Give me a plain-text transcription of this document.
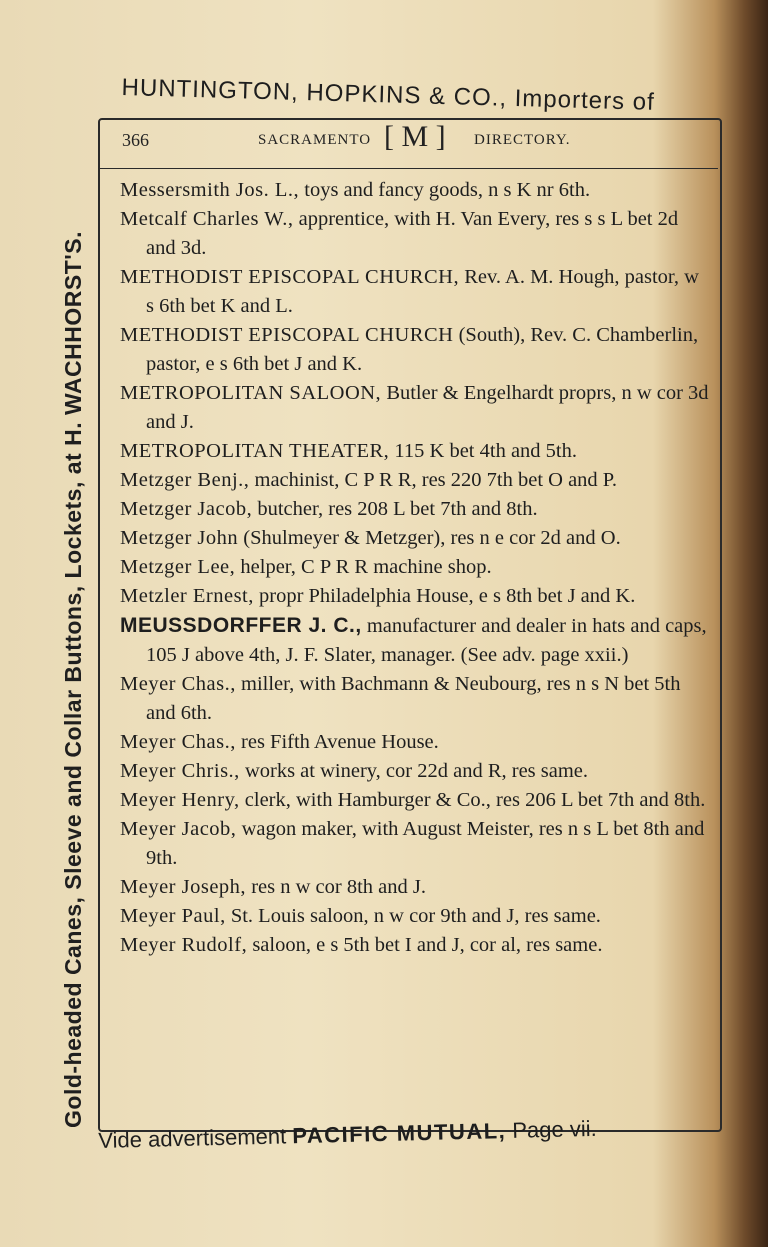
HUNTINGTON, HOPKINS & CO., Importers of
Gold-headed Canes, Sleeve and Collar Buttons, Lockets, at H. WACHHORST'S.
366	SACRAMENTO [ M ] DIRECTORY.

Messersmith Jos. L., toys and fancy goods, n s K nr 6th.

Metcalf Charles W., apprentice, with H. Van Every, res s s L bet 2d and 3d.

METHODIST EPISCOPAL CHURCH, Rev. A. M. Hough, pastor, w s 6th bet K and L.

METHODIST EPISCOPAL CHURCH (South), Rev. C. Chamberlin, pastor, e s 6th bet J and K.

METROPOLITAN SALOON, Butler & Engelhardt proprs, n w cor 3d and J.

METROPOLITAN THEATER, 115 K bet 4th and 5th.

Metzger Benj., machinist, C P R R, res 220 7th bet O and P.

Metzger Jacob, butcher, res 208 L bet 7th and 8th.

Metzger John (Shulmeyer & Metzger), res n e cor 2d and O.

Metzger Lee, helper, C P R R machine shop.

Metzler Ernest, propr Philadelphia House, e s 8th bet J and K.

MEUSSDORFFER J. C., manufacturer and dealer in hats and caps, 105 J above 4th, J. F. Slater, manager. (See adv. page xxii.)

Meyer Chas., miller, with Bachmann & Neubourg, res n s N bet 5th and 6th.

Meyer Chas., res Fifth Avenue House.

Meyer Chris., works at winery, cor 22d and R, res same.

Meyer Henry, clerk, with Hamburger & Co., res 206 L bet 7th and 8th.

Meyer Jacob, wagon maker, with August Meister, res n s L bet 8th and 9th.

Meyer Joseph, res n w cor 8th and J.

Meyer Paul, St. Louis saloon, n w cor 9th and J, res same.

Meyer Rudolf, saloon, e s 5th bet I and J, cor al, res same.

Vide advertisement PACIFIC MUTUAL, Page vii.
